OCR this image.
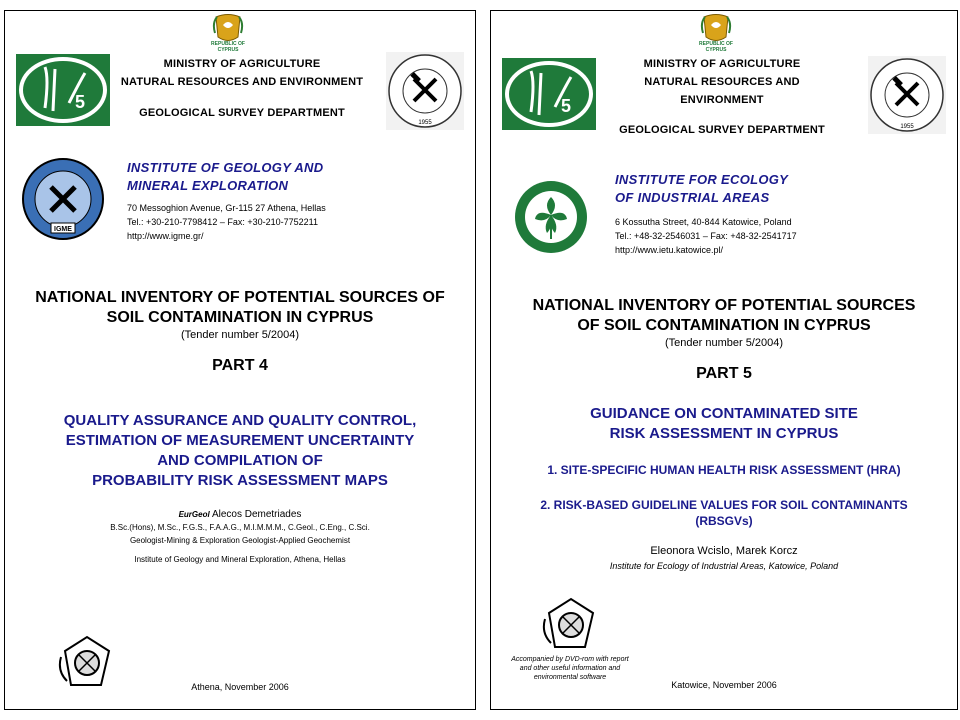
REPUBLIC OF CYPRUS
5
MINISTRY OF AGRICULTURE
NATURAL RESOURCES AND ENVIRONMENT
GEOLOGICAL SURVEY DEPARTMENT
1955
IGME
INSTITUTE OF GEOLOGY AND
MINERAL EXPLORATION
70 Messoghion Avenue, Gr-115 27 Athena, Hellas
Tel.: +30-210-7798412 – Fax: +30-210-7752211
http://www.igme.gr/
NATIONAL INVENTORY OF POTENTIAL SOURCES OF
SOIL CONTAMINATION IN CYPRUS
(Tender number 5/2004)
PART 4
QUALITY ASSURANCE AND QUALITY CONTROL,
ESTIMATION OF MEASUREMENT UNCERTAINTY
AND COMPILATION OF
PROBABILITY RISK ASSESSMENT MAPS
EurGeol Alecos Demetriades
B.Sc.(Hons), M.Sc., F.G.S., F.A.A.G., M.I.M.M.M., C.Geol., C.Eng., C.Sci.
Geologist-Mining & Exploration Geologist-Applied Geochemist
Institute of Geology and Mineral Exploration, Athena, Hellas
Athena, November 2006
REPUBLIC OF CYPRUS
5
MINISTRY OF AGRICULTURE
NATURAL RESOURCES AND
ENVIRONMENT
GEOLOGICAL SURVEY DEPARTMENT	1955
INSTITUTE FOR ECOLOGY
OF INDUSTRIAL AREAS
6 Kossutha Street, 40-844 Katowice, Poland
Tel.: +48-32-2546031 – Fax: +48-32-2541717
http://www.ietu.katowice.pl/
NATIONAL INVENTORY OF POTENTIAL SOURCES
OF SOIL CONTAMINATION IN CYPRUS
(Tender number 5/2004)
PART 5
GUIDANCE ON CONTAMINATED SITE
RISK ASSESSMENT IN CYPRUS
1. SITE-SPECIFIC HUMAN HEALTH RISK ASSESSMENT (HRA)
2. RISK-BASED GUIDELINE VALUES FOR SOIL CONTAMINANTS
(RBSGVs)
Eleonora Wcislo, Marek Korcz
Institute for Ecology of Industrial Areas, Katowice, Poland
Accompanied by DVD-rom with report
and other useful information and
environmental software
Katowice, November 2006
